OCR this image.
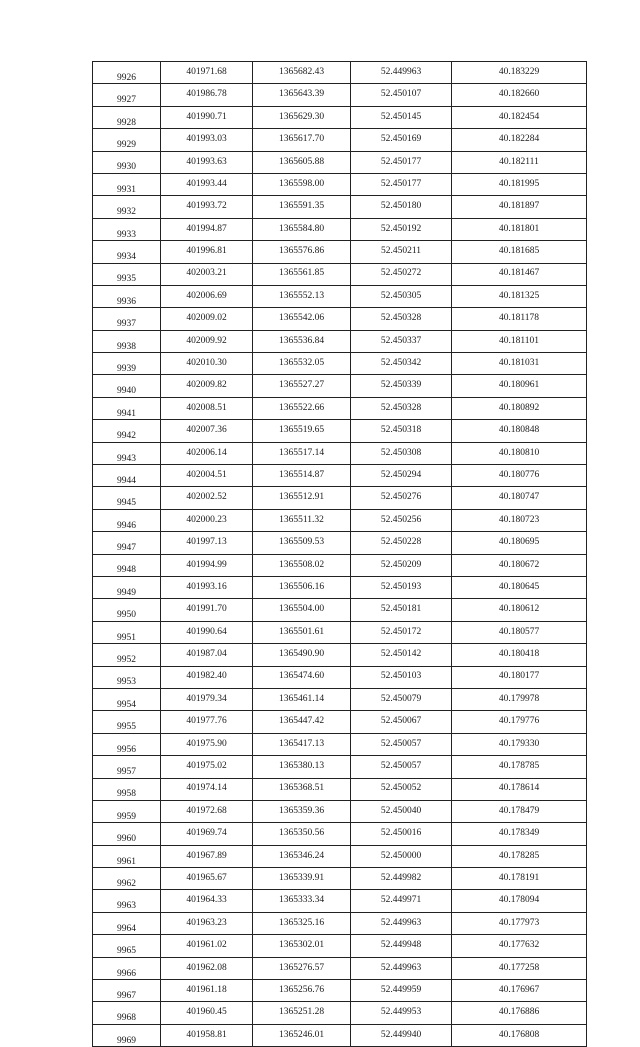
9926	401971.68	1365682.43	52.449963	40.183229
9927	401986.78	1365643.39	52.450107	40.182660
9928	401990.71	1365629.30	52.450145	40.182454
9929	401993.03	1365617.70	52.450169	40.182284
9930	401993.63	1365605.88	52.450177	40.182111
9931	401993.44	1365598.00	52.450177	40.181995
9932	401993.72	1365591.35	52.450180	40.181897
9933	401994.87	1365584.80	52.450192	40.181801
9934	401996.81	1365576.86	52.450211	40.181685
9935	402003.21	1365561.85	52.450272	40.181467
9936	402006.69	1365552.13	52.450305	40.181325
9937	402009.02	1365542.06	52.450328	40.181178
9938	402009.92	1365536.84	52.450337	40.181101
9939	402010.30	1365532.05	52.450342	40.181031
9940	402009.82	1365527.27	52.450339	40.180961
9941	402008.51	1365522.66	52.450328	40.180892
9942	402007.36	1365519.65	52.450318	40.180848
9943	402006.14	1365517.14	52.450308	40.180810
9944	402004.51	1365514.87	52.450294	40.180776
9945	402002.52	1365512.91	52.450276	40.180747
9946	402000.23	1365511.32	52.450256	40.180723
9947	401997.13	1365509.53	52.450228	40.180695
9948	401994.99	1365508.02	52.450209	40.180672
9949	401993.16	1365506.16	52.450193	40.180645
9950	401991.70	1365504.00	52.450181	40.180612
9951	401990.64	1365501.61	52.450172	40.180577
9952	401987.04	1365490.90	52.450142	40.180418
9953	401982.40	1365474.60	52.450103	40.180177
9954	401979.34	1365461.14	52.450079	40.179978
9955	401977.76	1365447.42	52.450067	40.179776
9956	401975.90	1365417.13	52.450057	40.179330
9957	401975.02	1365380.13	52.450057	40.178785
9958	401974.14	1365368.51	52.450052	40.178614
9959	401972.68	1365359.36	52.450040	40.178479
9960	401969.74	1365350.56	52.450016	40.178349
9961	401967.89	1365346.24	52.450000	40.178285
9962	401965.67	1365339.91	52.449982	40.178191
9963	401964.33	1365333.34	52.449971	40.178094
9964	401963.23	1365325.16	52.449963	40.177973
9965	401961.02	1365302.01	52.449948	40.177632
9966	401962.08	1365276.57	52.449963	40.177258
9967	401961.18	1365256.76	52.449959	40.176967
9968	401960.45	1365251.28	52.449953	40.176886
9969	401958.81	1365246.01	52.449940	40.176808
